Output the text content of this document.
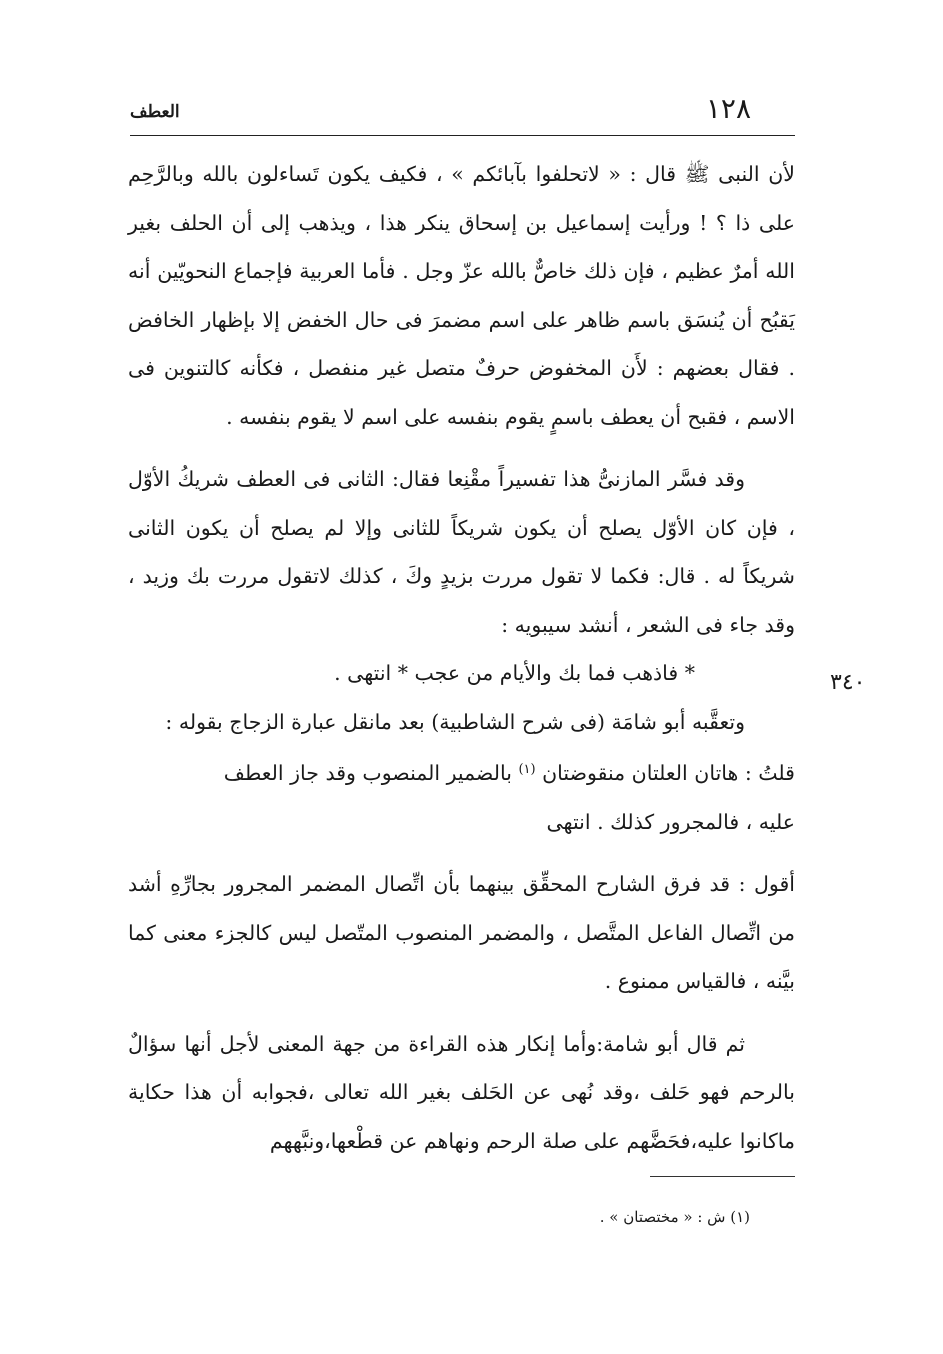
١٢٨
العطف

لأن النبى ﷺ قال : « لاتحلفوا بآبائكم » ، فكيف يكون تَساءلون بالله وبالرَّحِم على ذا ؟ ! ورأيت إسماعيل بن إسحاق ينكر هذا ، ويذهب إلى أن الحلف بغير الله أمرٌ عظيم ، فإن ذلك خاصٌّ بالله عزّ وجل . فأما العربية فإجماع النحويّين أنه يَقبُح أن يُنسَق باسم ظاهر على اسم مضمرَ فى حال الخفض إلا بإظهار الخافض . فقال بعضهم : لأَن المخفوض حرفٌ متصل غير منفصل ، فكأنه كالتنوين فى الاسم ، فقبح أن يعطف باسمٍ يقوم بنفسه على اسم لا يقوم بنفسه .

وقد فسَّر المازنىُّ هذا تفسيراً مقْنِعا فقال: الثانى فى العطف شريكُ الأوّل ، فإن كان الأوّل يصلح أن يكون شريكاً للثانى وإلا لم يصلح أن يكون الثانى شريكاً له . قال: فكما لا تقول مررت بزيدٍ وكَ ، كذلك لاتقول مررت بك وزيد ، وقد جاء فى الشعر ، أنشد سيبويه :

* فاذهب فما بك والأيام من عجب * انتهى .

وتعقَّبه أبو شامَة (فى شرح الشاطبية) بعد مانقل عبارة الزجاج بقوله :

قلتُ : هاتان العلتان منقوضتان $^{(١)}$ بالضمير المنصوب وقد جاز العطف

عليه ، فالمجرور كذلك . انتهى

أقول : قد فرق الشارح المحقِّق بينهما بأن اتِّصال المضمر المجرور بجارِّهِ أشد من اتِّصال الفاعل المتَّصل ، والمضمر المنصوب المتّصل ليس كالجزء معنى كما بيَّنه ، فالقياس ممنوع .

ثم قال أبو شامة:وأما إنكار هذه القراءة من جهة المعنى لأجل أنها سؤالٌ بالرحم فهو حَلف ،وقد نُهى عن الحَلف بغير الله تعالى ،فجوابه أن هذا حكاية ماكانوا عليه،فحَضَّهم على صلة الرحم ونهاهم عن قطْعها،ونبَّههم

٣٤٠
(١) ش : « مختصتان » .
